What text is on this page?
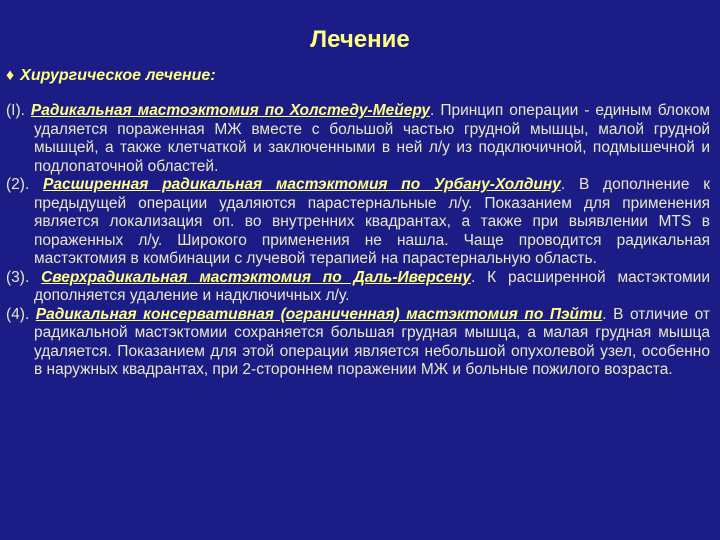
Лечение
♦ Хирургическое лечение:

(I). Радикальная мастоэктомия по Холстеду-Мейеру. Принцип операции - единым блоком удаляется пораженная МЖ вместе с большой частью грудной мышцы, малой грудной мышцей, а также клетчаткой и заключенными в ней л/у из подключичной, подмышечной и подлопаточной областей.

(2). Расширенная радикальная мастэктомия по Урбану-Холдину. В дополнение к предыдущей операции удаляются парастернальные л/у. Показанием для применения является локализация оп. во внутренних квадрантах, а также при выявлении MTS в пораженных л/у. Широкого применения не нашла. Чаще проводится радикальная мастэктомия в комбинации с лучевой терапией на парастернальную область.

(3). Сверхрадикальная мастэктомия по Даль-Иверсену. К расширенной мастэктомии дополняется удаление и надключичных л/у.

(4). Радикальная консервативная (ограниченная) мастэктомия по Пэйти. В отличие от радикальной мастэктомии сохраняется большая грудная мышца, а малая грудная мышца удаляется. Показанием для этой операции является небольшой опухолевой узел, особенно в наружных квадрантах, при 2-стороннем поражении МЖ и больные пожилого возраста.
